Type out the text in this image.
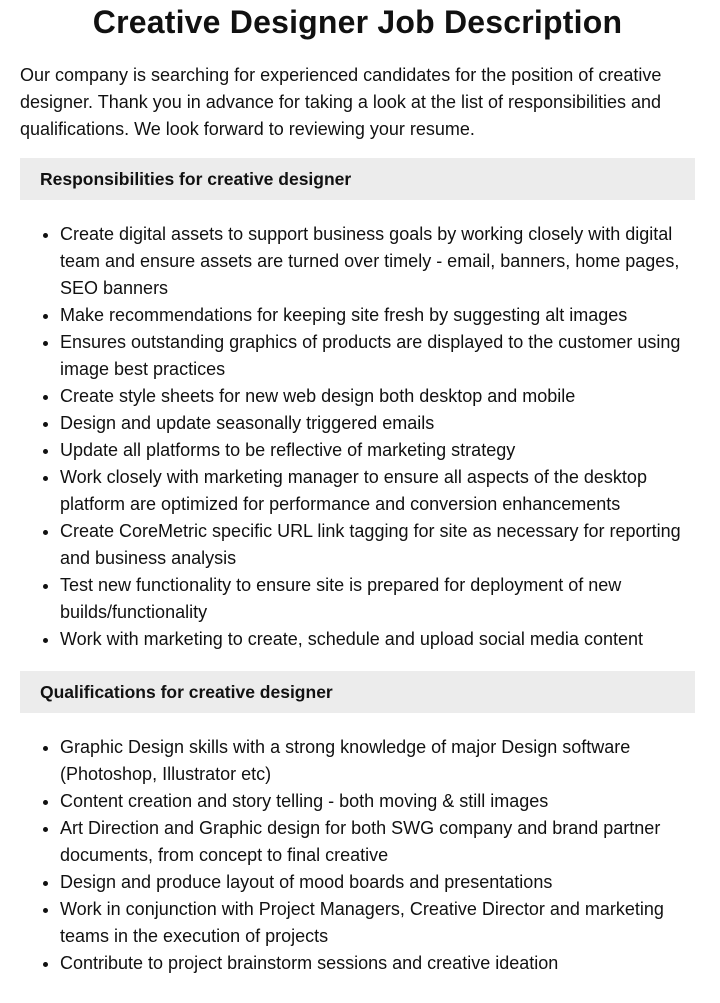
Creative Designer Job Description

Our company is searching for experienced candidates for the position of creative designer. Thank you in advance for taking a look at the list of responsibilities and qualifications. We look forward to reviewing your resume.

Responsibilities for creative designer
• Create digital assets to support business goals by working closely with digital team and ensure assets are turned over timely - email, banners, home pages, SEO banners
• Make recommendations for keeping site fresh by suggesting alt images
• Ensures outstanding graphics of products are displayed to the customer using image best practices
• Create style sheets for new web design both desktop and mobile
• Design and update seasonally triggered emails
• Update all platforms to be reflective of marketing strategy
• Work closely with marketing manager to ensure all aspects of the desktop platform are optimized for performance and conversion enhancements
• Create CoreMetric specific URL link tagging for site as necessary for reporting and business analysis
• Test new functionality to ensure site is prepared for deployment of new builds/functionality
• Work with marketing to create, schedule and upload social media content
Qualifications for creative designer
• Graphic Design skills with a strong knowledge of major Design software (Photoshop, Illustrator etc)
• Content creation and story telling - both moving & still images
• Art Direction and Graphic design for both SWG company and brand partner documents, from concept to final creative
• Design and produce layout of mood boards and presentations
• Work in conjunction with Project Managers, Creative Director and marketing teams in the execution of projects
• Contribute to project brainstorm sessions and creative ideation
